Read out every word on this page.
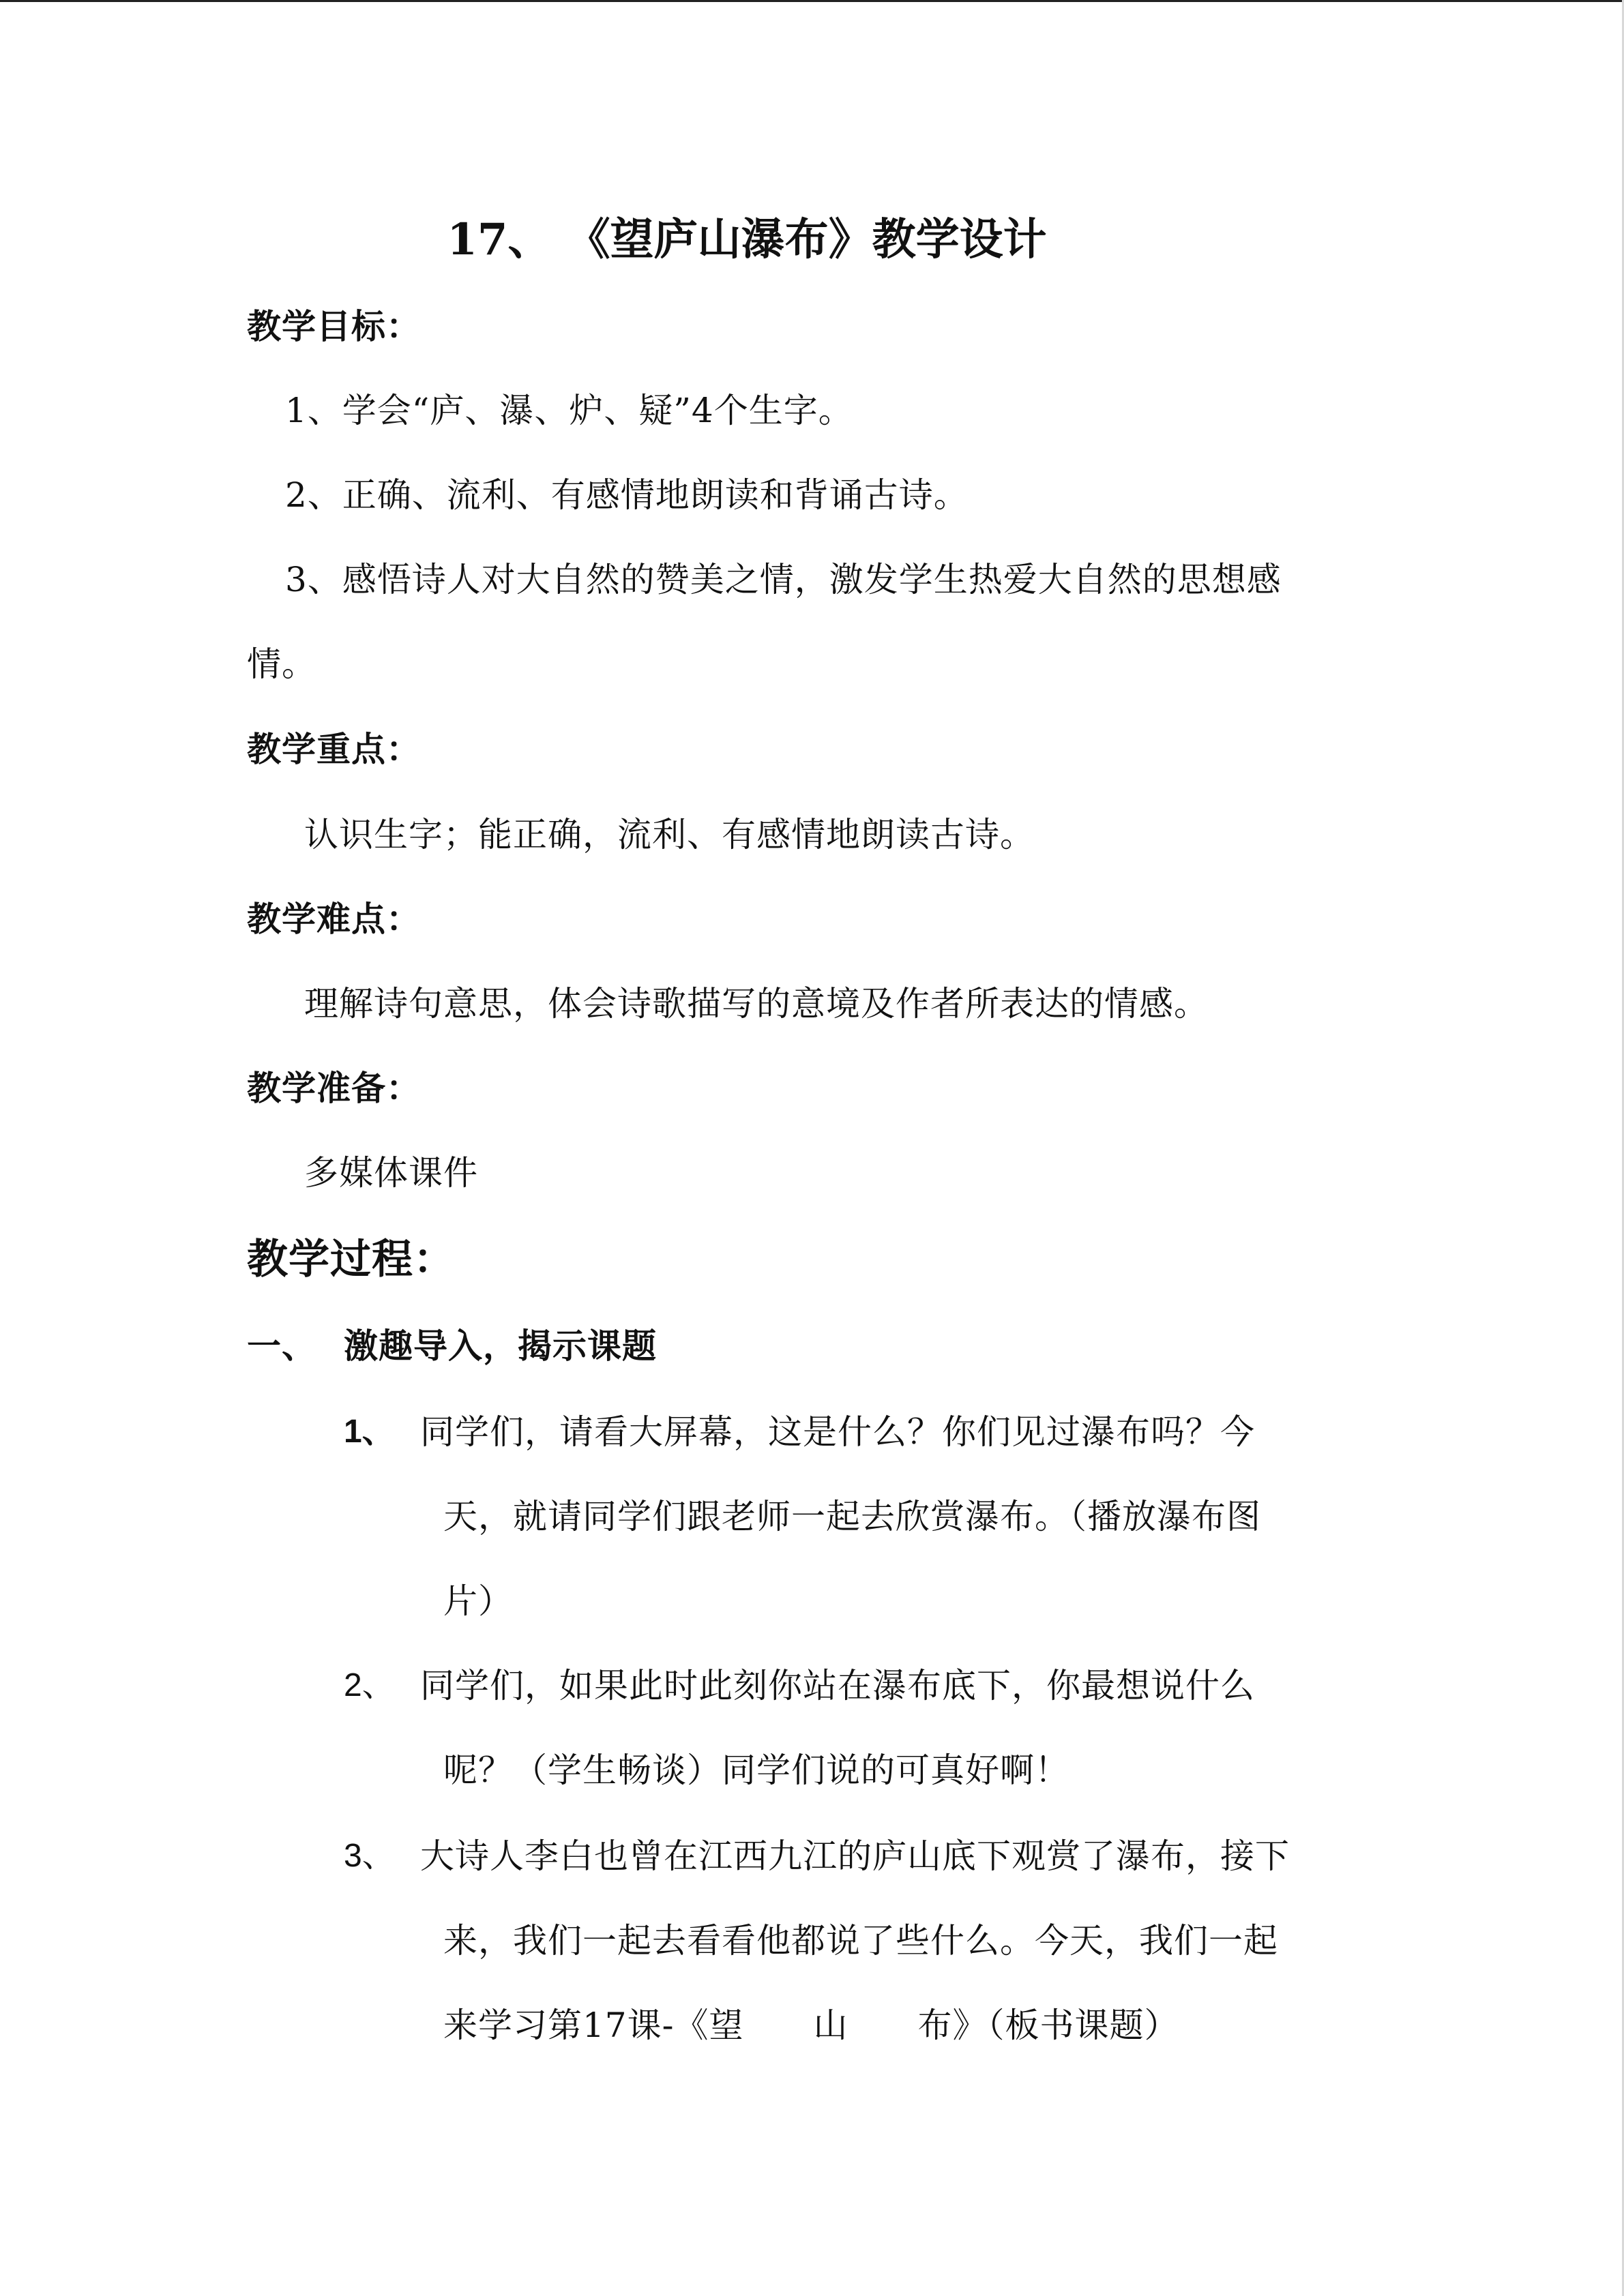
17、 《望庐山瀑布》教学设计
教学目标：
1、学会“庐、瀑、炉、疑”4个生字。
2、正确、流利、有感情地朗读和背诵古诗。
3、感悟诗人对大自然的赞美之情，激发学生热爱大自然的思想感
情。
教学重点：
认识生字；能正确，流利、有感情地朗读古诗。
教学难点：
理解诗句意思，体会诗歌描写的意境及作者所表达的情感。
教学准备：
多媒体课件
教学过程：
一、 激趣导入，揭示课题
1、 同学们，请看大屏幕，这是什么？你们见过瀑布吗？今
天，就请同学们跟老师一起去欣赏瀑布。（播放瀑布图
片）
2、 同学们，如果此时此刻你站在瀑布底下，你最想说什么
呢？（学生畅谈）同学们说的可真好啊！
3、 大诗人李白也曾在江西九江的庐山底下观赏了瀑布，接下
来，我们一起去看看他都说了些什么。今天，我们一起
来学习第17课-《望　　山　　布》（板书课题）
